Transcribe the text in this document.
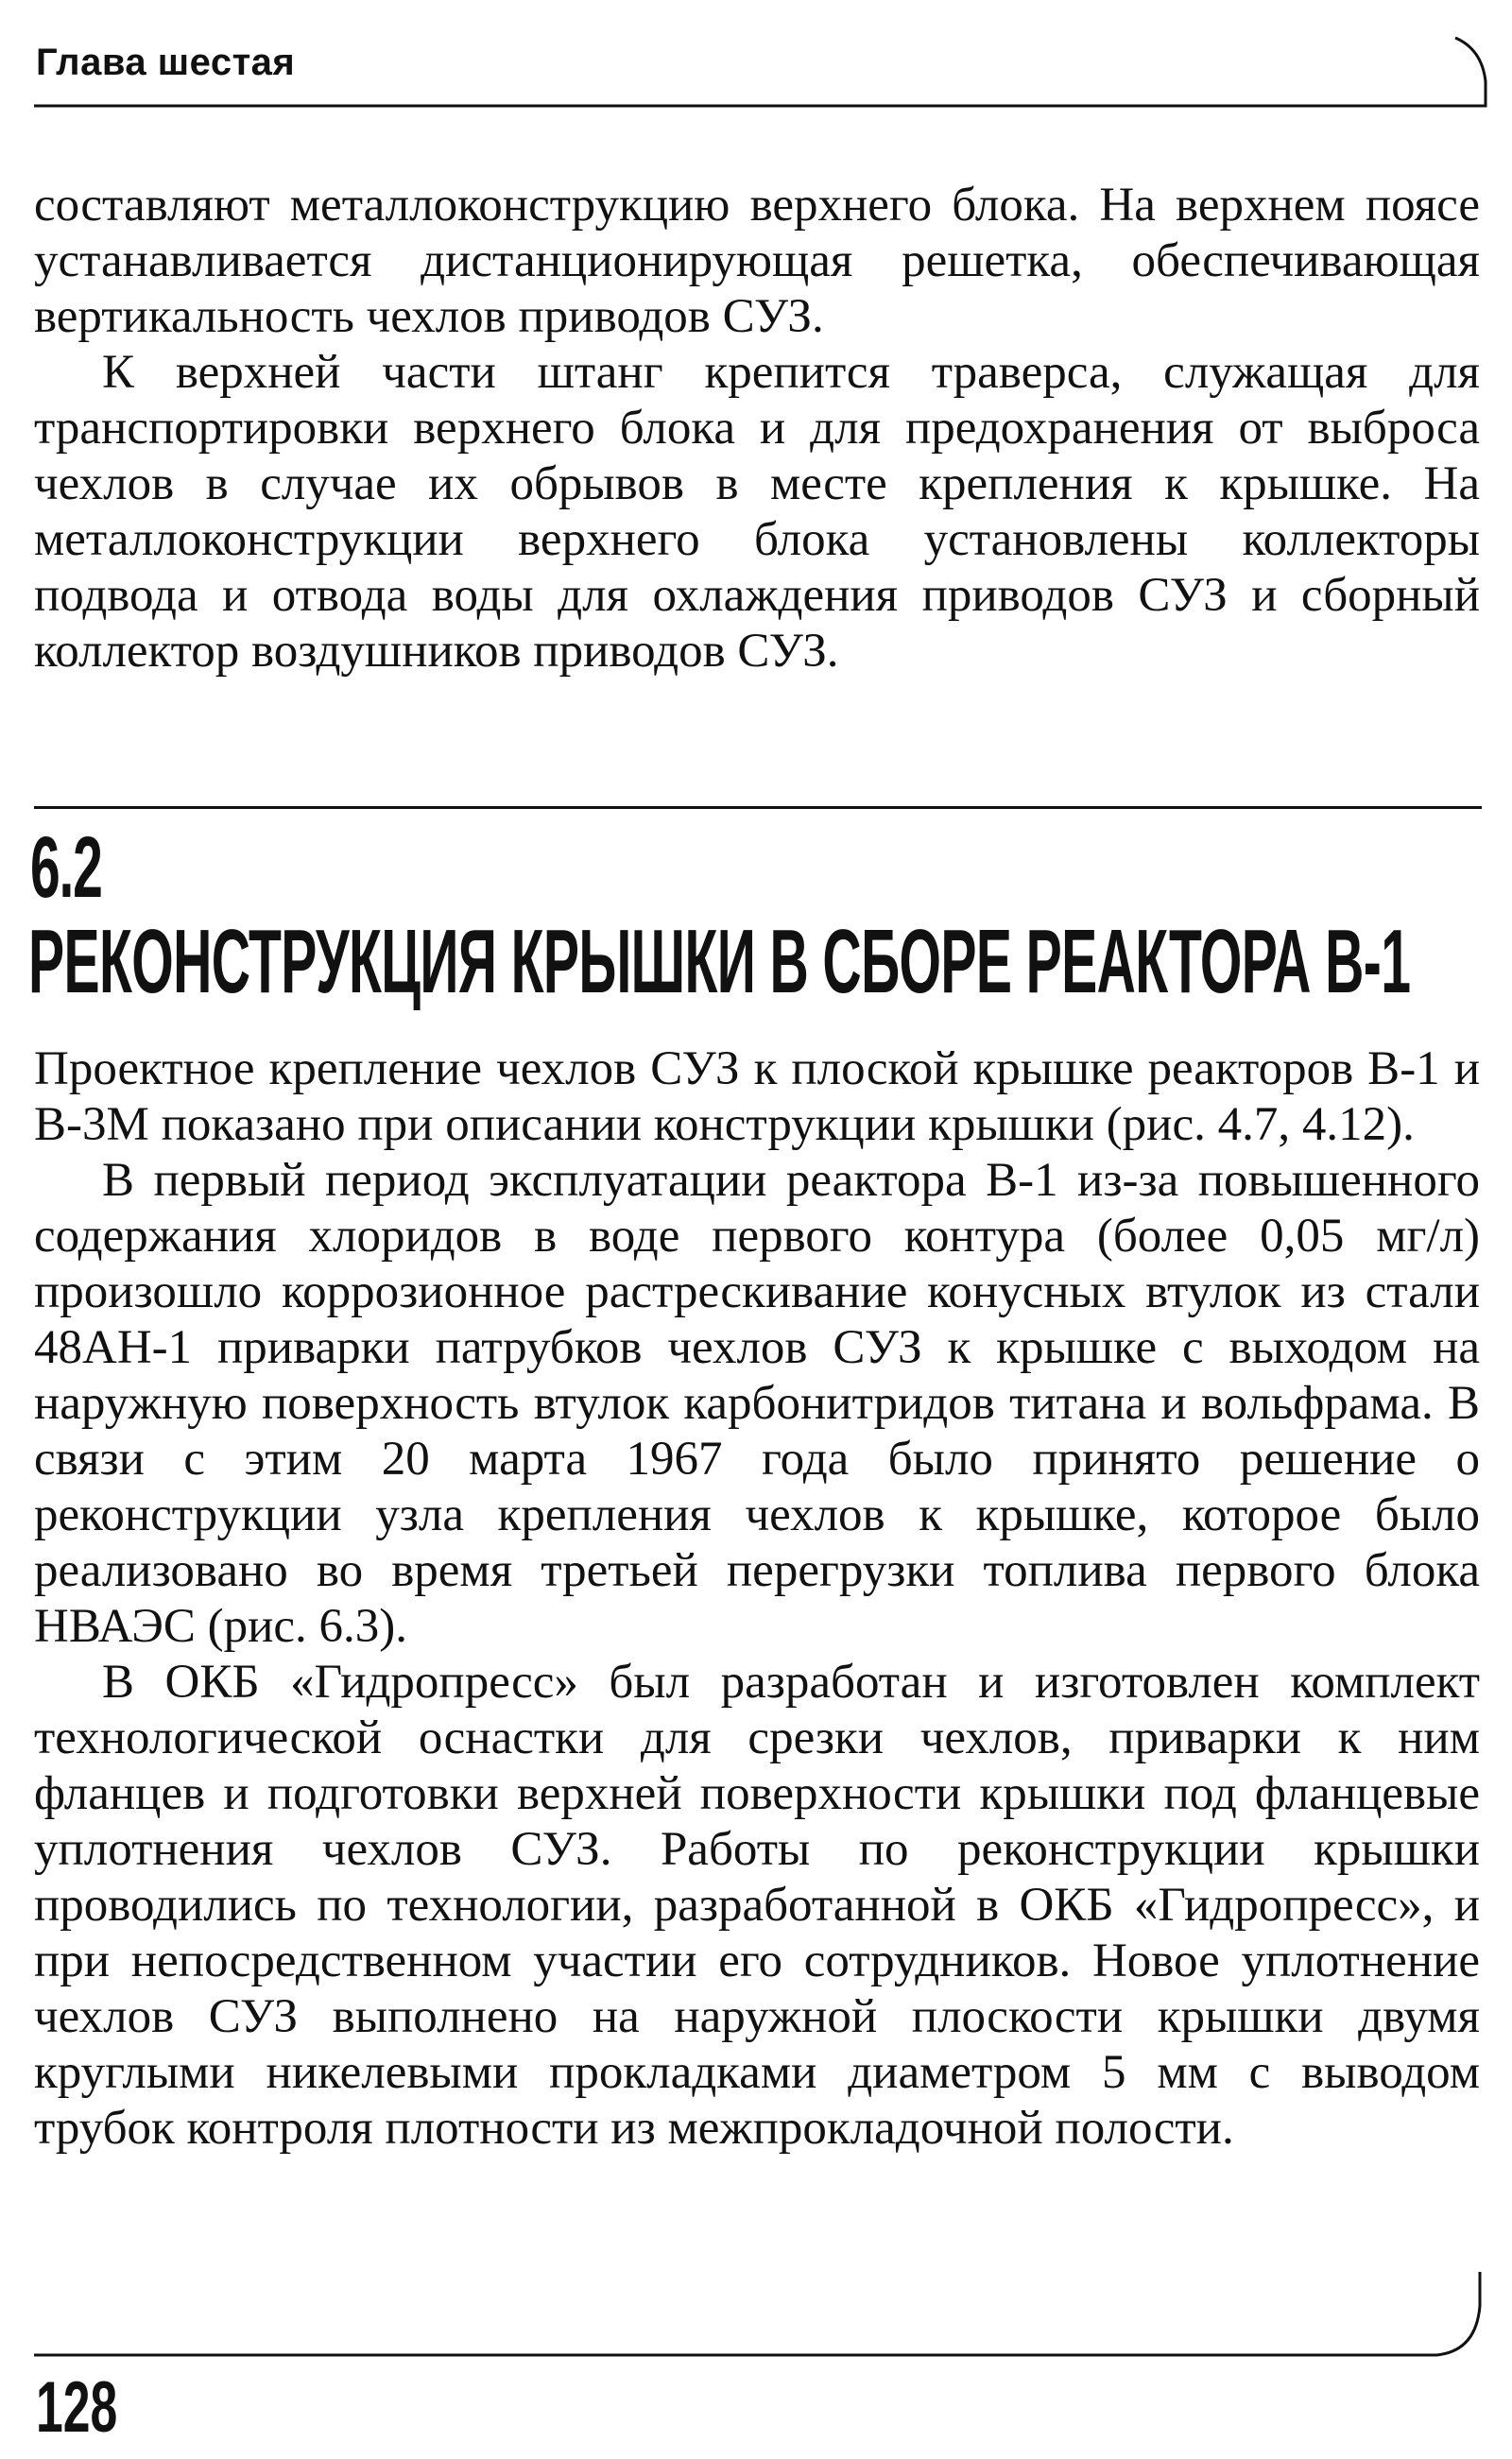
Глава шестая

составляют металлоконструкцию верхнего блока. На верхнем поясе устанавливается дистанционирующая решетка, обеспечивающая вертикальность чехлов приводов СУЗ.

К верхней части штанг крепится траверса, служащая для транспортировки верхнего блока и для предохранения от выброса чехлов в случае их обрывов в месте крепления к крышке. На металлоконструкции верхнего блока установлены коллекторы подвода и отвода воды для охлаждения приводов СУЗ и сборный коллектор воздушников приводов СУЗ.

6.2
РЕКОНСТРУКЦИЯ КРЫШКИ В СБОРЕ РЕАКТОРА В-1

Проектное крепление чехлов СУЗ к плоской крышке реакторов В-1 и В-3М показано при описании конструкции крышки (рис. 4.7, 4.12).

В первый период эксплуатации реактора В-1 из-за повышенного содержания хлоридов в воде первого контура (более 0,05 мг/л) произошло коррозионное растрескивание конусных втулок из стали 48АН-1 приварки патрубков чехлов СУЗ к крышке с выходом на наружную поверхность втулок карбонитридов титана и вольфрама. В связи с этим 20 марта 1967 года было принято решение о реконструкции узла крепления чехлов к крышке, которое было реализовано во время третьей перегрузки топлива первого блока НВАЭС (рис. 6.3).

В ОКБ «Гидропресс» был разработан и изготовлен комплект технологической оснастки для срезки чехлов, приварки к ним фланцев и подготовки верхней поверхности крышки под фланцевые уплотнения чехлов СУЗ. Работы по реконструкции крышки проводились по технологии, разработанной в ОКБ «Гидропресс», и при непосредственном участии его сотрудников. Новое уплотнение чехлов СУЗ выполнено на наружной плоскости крышки двумя круглыми никелевыми прокладками диаметром 5 мм с выводом трубок контроля плотности из межпрокладочной полости.

128
